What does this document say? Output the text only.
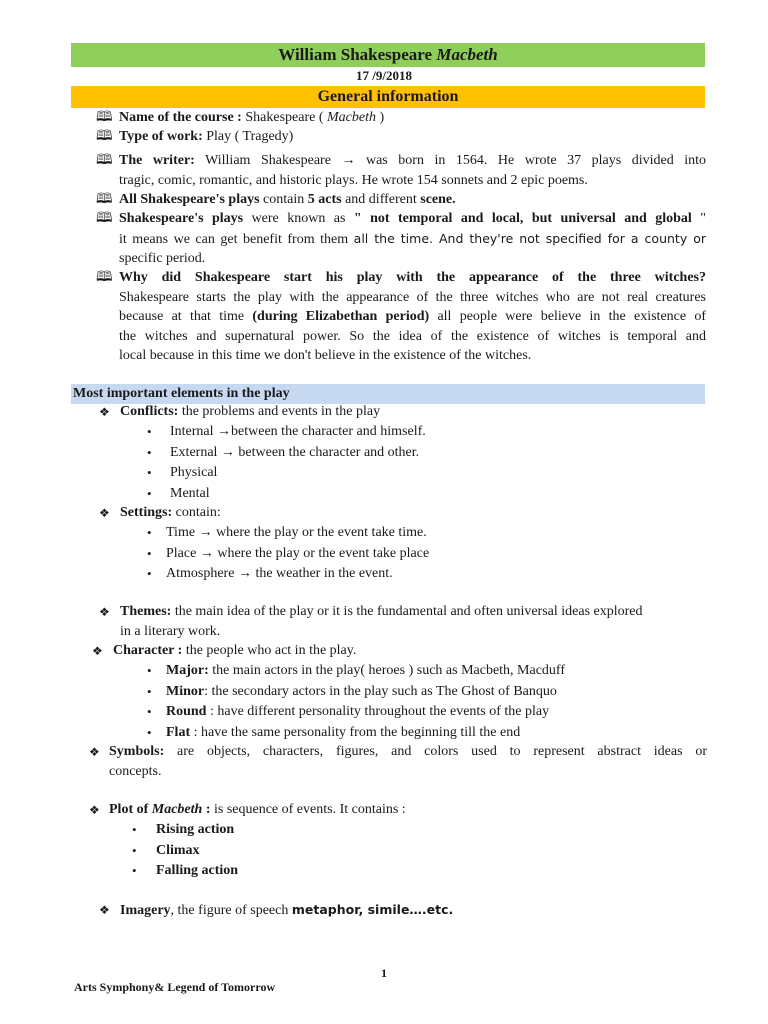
William Shakespeare Macbeth
17 /9/2018
General information
🕮 Name of the course : Shakespeare ( Macbeth )
🕮 Type of work: Play ( Tragedy)
🕮 The writer: William Shakespeare → was born in 1564. He wrote 37 plays divided into
tragic, comic, romantic, and historic plays. He wrote 154 sonnets and 2 epic poems.
🕮 All Shakespeare's plays contain 5 acts and different scene.
🕮 Shakespeare's plays were known as " not temporal and local, but universal and global "
it means we can get benefit from them all the time. And they're not specified for a county or
specific period.
🕮 Why did Shakespeare start his play with the appearance of the three witches?
Shakespeare starts the play with the appearance of the three witches who are not real creatures
because at that time (during Elizabethan period) all people were believe in the existence of
the witches and supernatural power. So the idea of the existence of witches is temporal and
local because in this time we don't believe in the existence of the witches.
Most important elements in the play
❖ Conflicts: the problems and events in the play
• Internal →between the character and himself.
• External → between the character and other.
• Physical
• Mental
❖ Settings: contain:
• Time → where the play or the event take time.
• Place → where the play or the event take place
• Atmosphere → the weather in the event.
❖ Themes: the main idea of the play or it is the fundamental and often universal ideas explored
in a literary work.
❖ Character : the people who act in the play.
• Major: the main actors in the play( heroes ) such as Macbeth, Macduff
• Minor: the secondary actors in the play such as The Ghost of Banquo
• Round : have different personality throughout the events of the play
• Flat : have the same personality from the beginning till the end
❖ Symbols: are objects, characters, figures, and colors used to represent abstract ideas or
concepts.
❖ Plot of Macbeth : is sequence of events. It contains :
• Rising action
• Climax
• Falling action
❖ Imagery, the figure of speech metaphor, simile….etc.
1
Arts Symphony& Legend of Tomorrow
